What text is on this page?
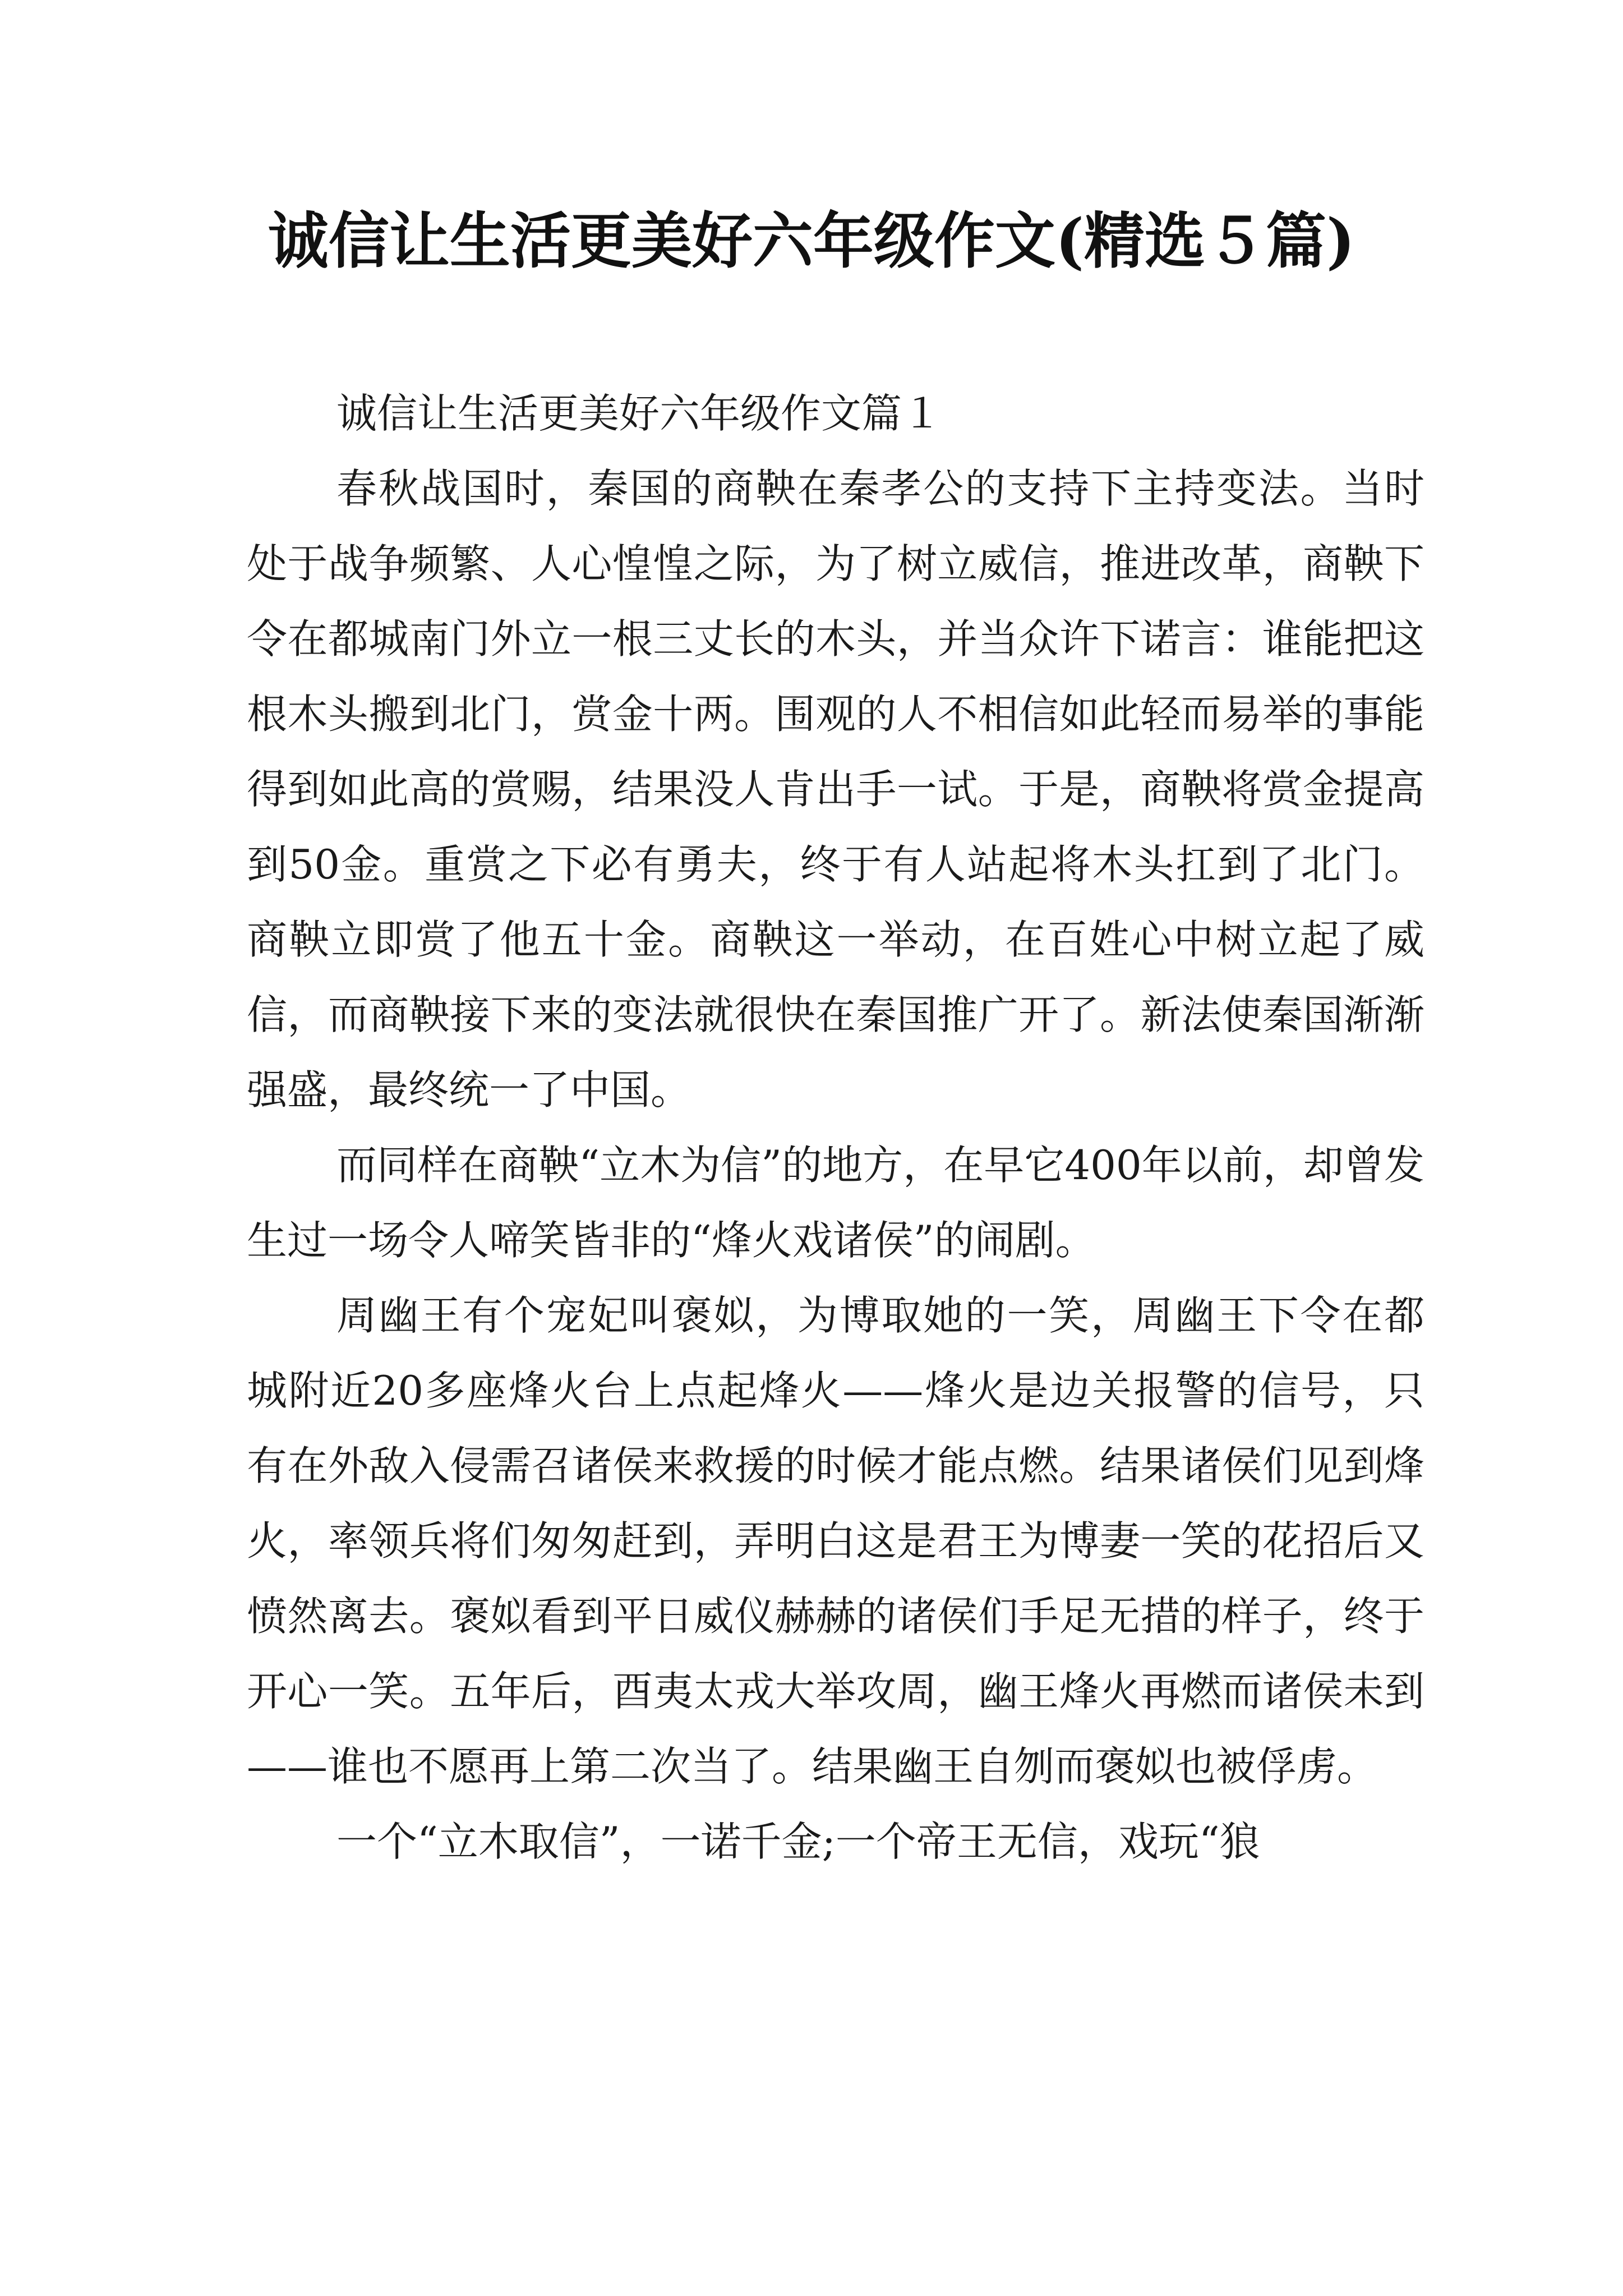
诚信让生活更美好六年级作文(精选５篇)

诚信让生活更美好六年级作文篇１

春秋战国时，秦国的商鞅在秦孝公的支持下主持变法。当时处于战争频繁、人心惶惶之际，为了树立威信，推进改革，商鞅下令在都城南门外立一根三丈长的木头，并当众许下诺言：谁能把这根木头搬到北门，赏金十两。围观的人不相信如此轻而易举的事能得到如此高的赏赐，结果没人肯出手一试。于是，商鞅将赏金提高到50金。重赏之下必有勇夫，终于有人站起将木头扛到了北门。商鞅立即赏了他五十金。商鞅这一举动，在百姓心中树立起了威信，而商鞅接下来的变法就很快在秦国推广开了。新法使秦国渐渐强盛，最终统一了中国。

而同样在商鞅“立木为信”的地方，在早它400年以前，却曾发生过一场令人啼笑皆非的“烽火戏诸侯”的闹剧。

周幽王有个宠妃叫褒姒，为博取她的一笑，周幽王下令在都城附近20多座烽火台上点起烽火——烽火是边关报警的信号，只有在外敌入侵需召诸侯来救援的时候才能点燃。结果诸侯们见到烽火，率领兵将们匆匆赶到，弄明白这是君王为博妻一笑的花招后又愤然离去。褒姒看到平日威仪赫赫的诸侯们手足无措的样子，终于开心一笑。五年后，酉夷太戎大举攻周，幽王烽火再燃而诸侯未到——谁也不愿再上第二次当了。结果幽王自刎而褒姒也被俘虏。

一个“立木取信”，一诺千金;一个帝王无信，戏玩“狼
